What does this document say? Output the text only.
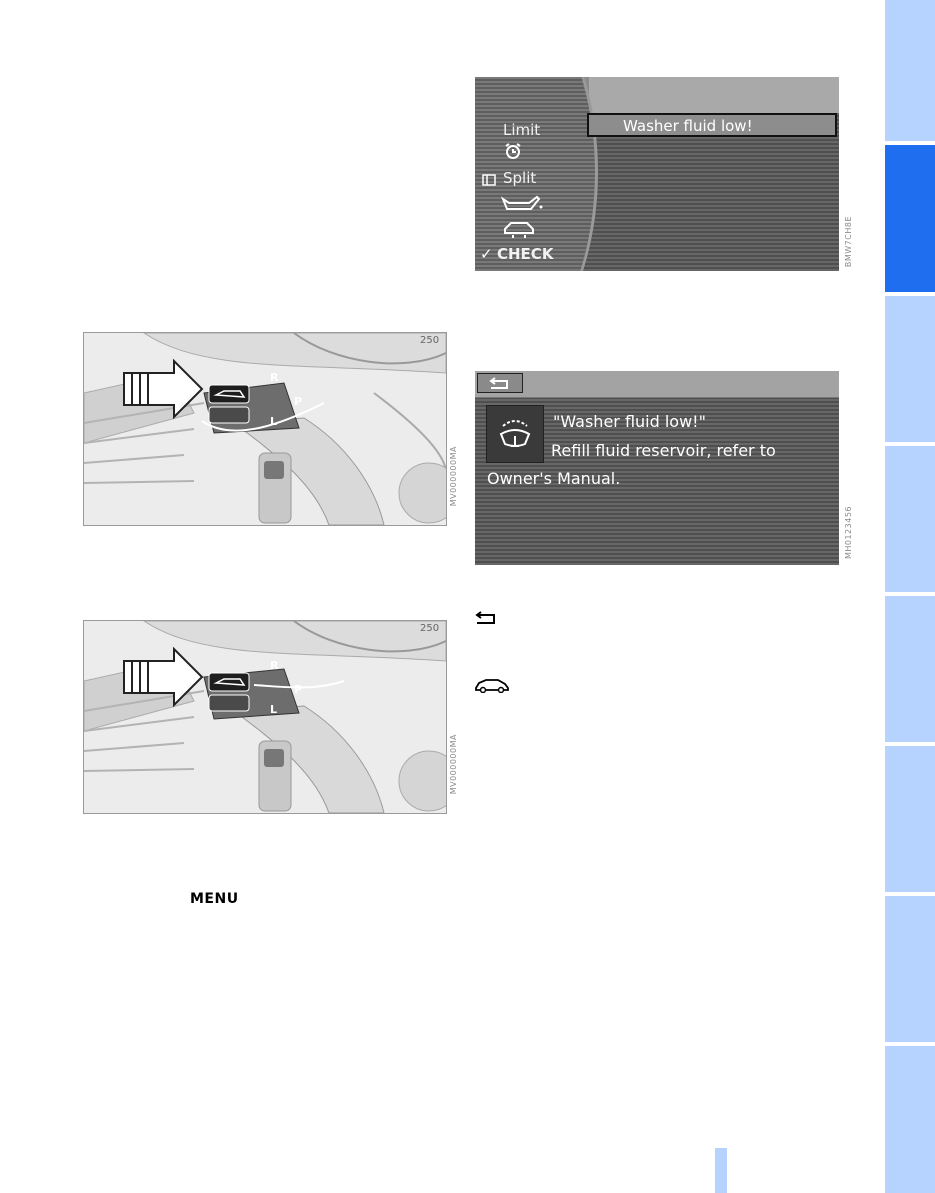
250
R
L
P
MV000000MA
250
R
L
P
MV000000MA
Limit
Split
✓ CHECK
Washer fluid low!
BMW7CH8E
"Washer fluid low!"
Refill fluid reservoir, refer to
Owner's Manual.
MH0123456
MENU
